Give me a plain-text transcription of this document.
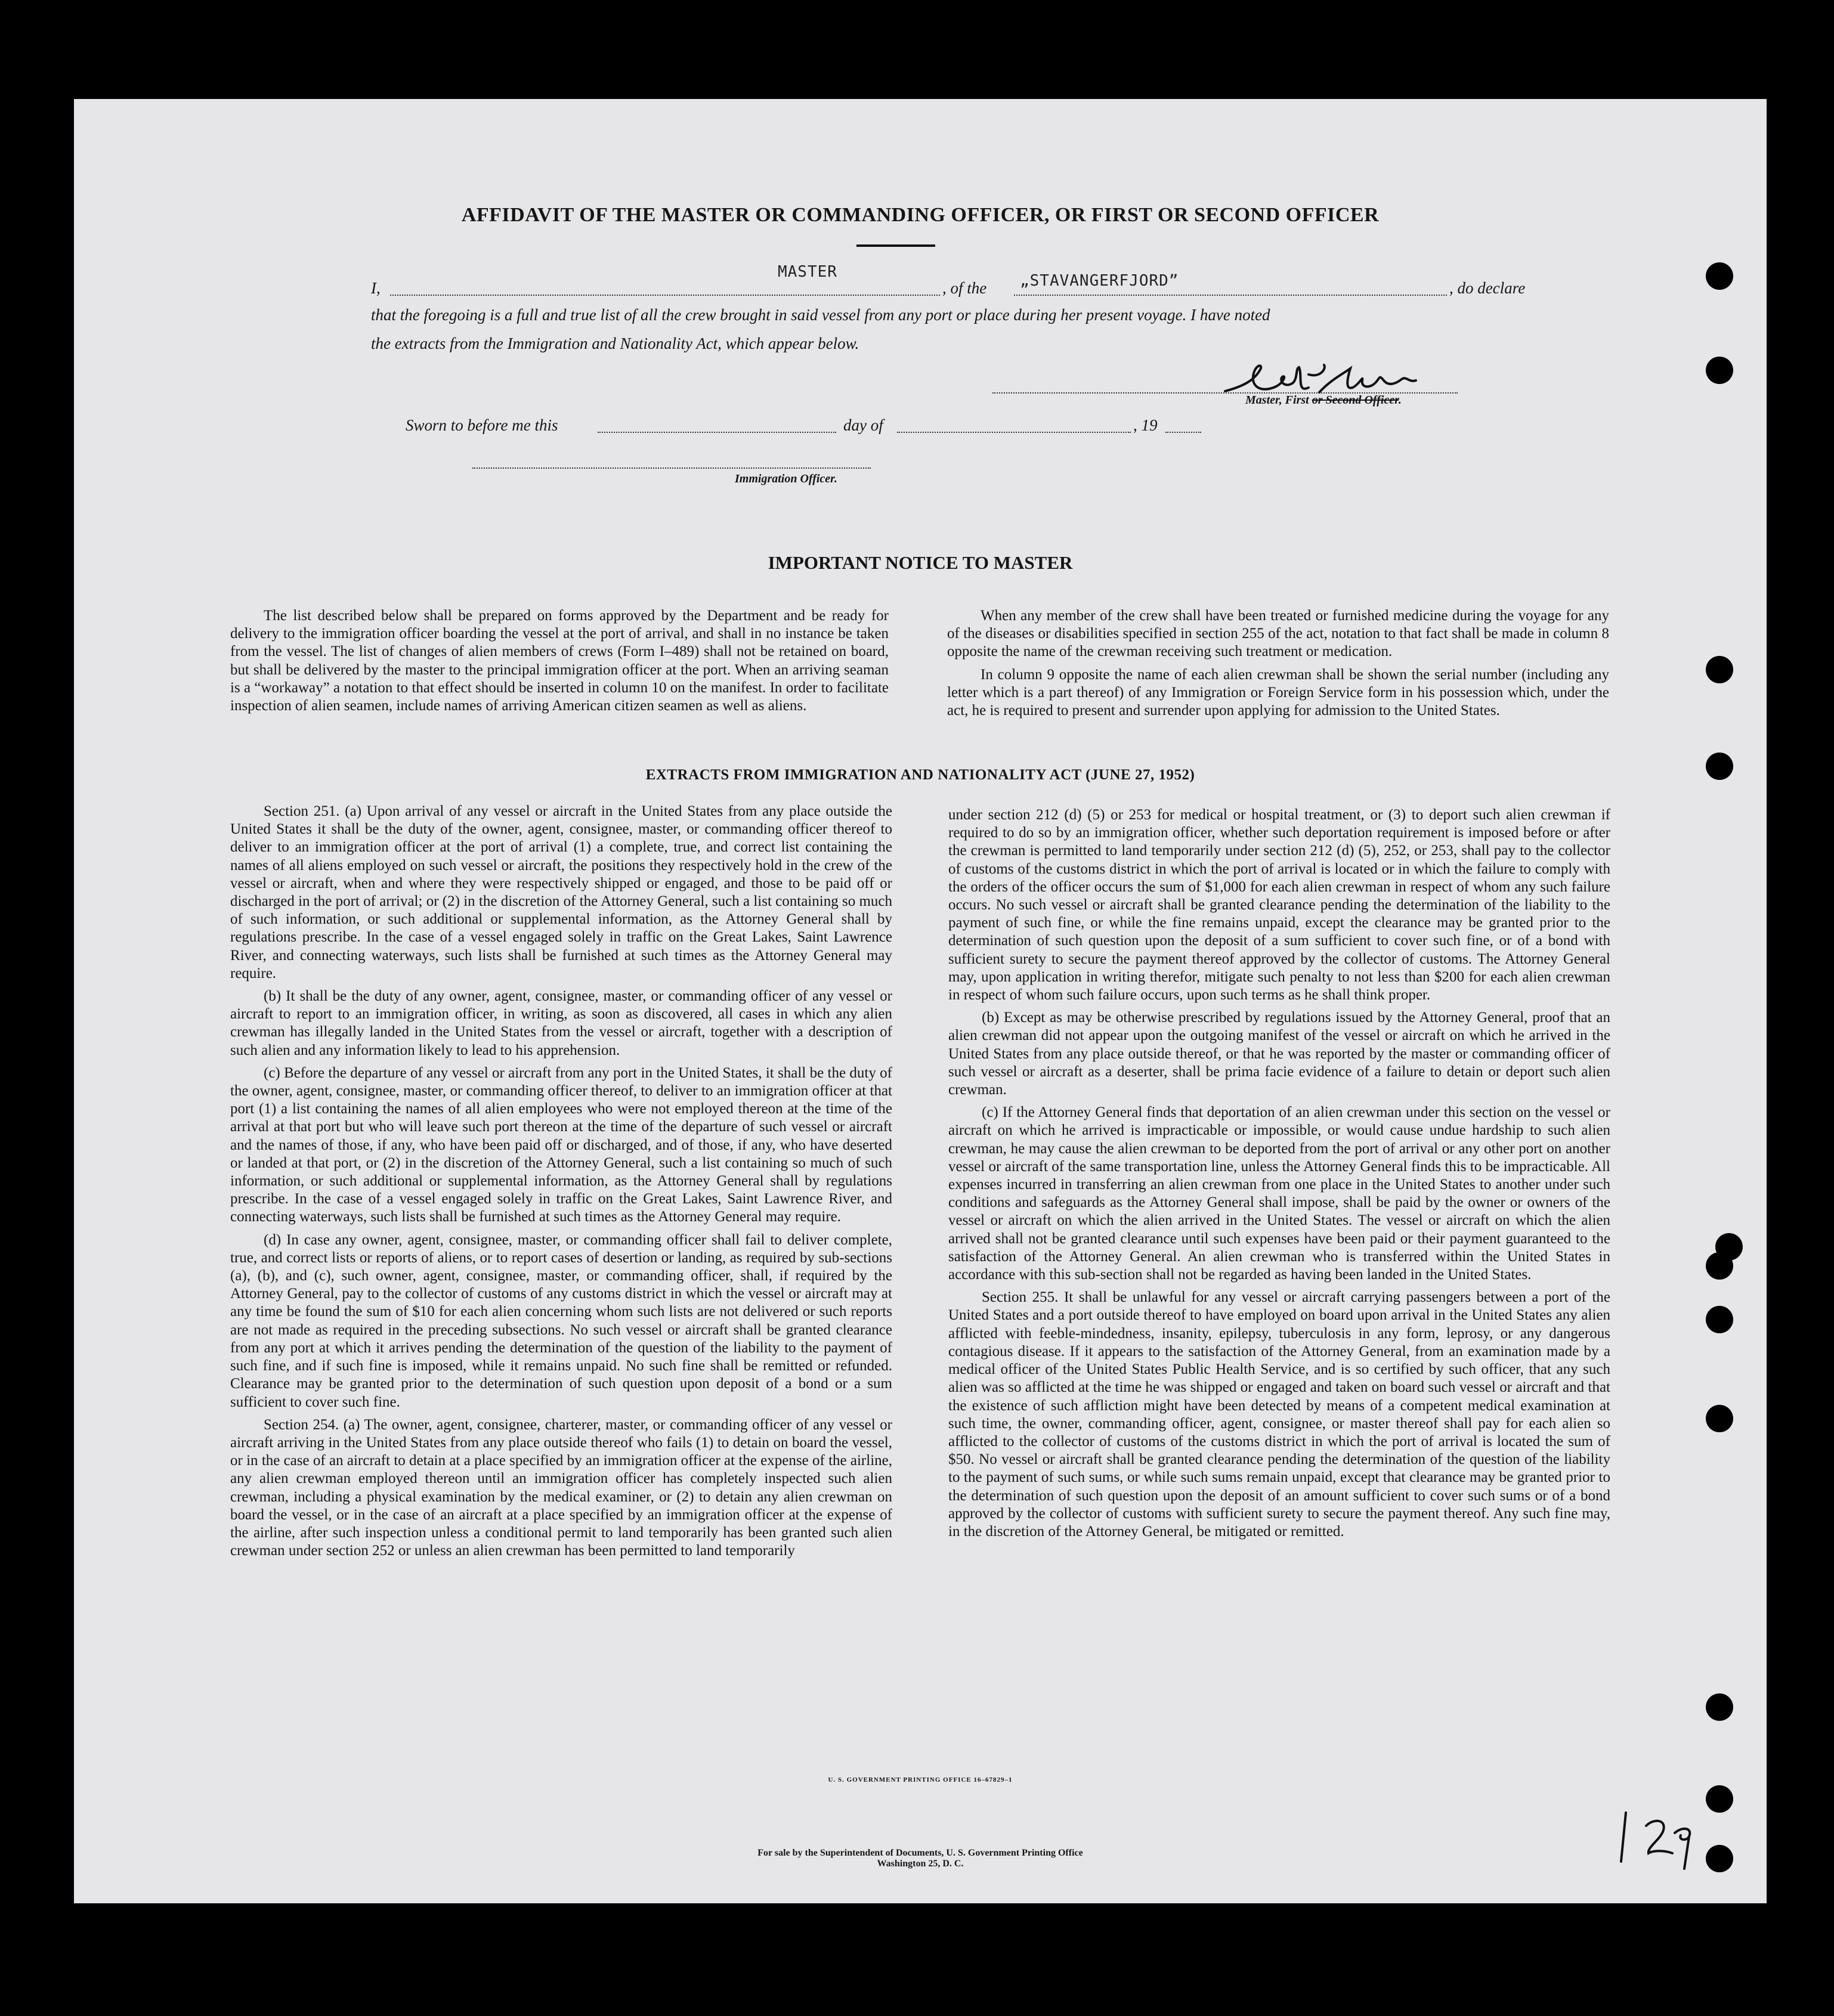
AFFIDAVIT OF THE MASTER OR COMMANDING OFFICER, OR FIRST OR SECOND OFFICER
I,
MASTER
, of the „STAVANGERFJORD”	, do declare
that the foregoing is a full and true list of all the crew brought in said vessel from any port or place during her present voyage. I have noted
the extracts from the Immigration and Nationality Act, which appear below.
Master, First or Second Officer.
Sworn to before me this	day of	, 19
Immigration Officer.
IMPORTANT NOTICE TO MASTER

The list described below shall be prepared on forms approved by the Department and be ready for delivery to the immigration officer boarding the vessel at the port of arrival, and shall in no instance be taken from the vessel. The list of changes of alien members of crews (Form I–489) shall not be retained on board, but shall be delivered by the master to the principal immigration officer at the port. When an arriving seaman is a “workaway” a notation to that effect should be inserted in column 10 on the manifest. In order to facilitate inspection of alien seamen, include names of arriving American citizen seamen as well as aliens.

When any member of the crew shall have been treated or furnished medicine during the voyage for any of the diseases or disabilities specified in section 255 of the act, notation to that fact shall be made in column 8 opposite the name of the crewman receiving such treatment or medication.

In column 9 opposite the name of each alien crewman shall be shown the serial number (including any letter which is a part thereof) of any Immigration or Foreign Service form in his possession which, under the act, he is required to present and surrender upon applying for admission to the United States.

EXTRACTS FROM IMMIGRATION AND NATIONALITY ACT (JUNE 27, 1952)

Section 251. (a) Upon arrival of any vessel or aircraft in the United States from any place outside the United States it shall be the duty of the owner, agent, consignee, master, or commanding officer thereof to deliver to an immigration officer at the port of arrival (1) a complete, true, and correct list containing the names of all aliens employed on such vessel or aircraft, the positions they respectively hold in the crew of the vessel or aircraft, when and where they were respectively shipped or engaged, and those to be paid off or discharged in the port of arrival; or (2) in the discretion of the Attorney General, such a list containing so much of such information, or such additional or supplemental information, as the Attorney General shall by regulations prescribe. In the case of a vessel engaged solely in traffic on the Great Lakes, Saint Lawrence River, and connecting waterways, such lists shall be furnished at such times as the Attorney General may require.

(b) It shall be the duty of any owner, agent, consignee, master, or commanding officer of any vessel or aircraft to report to an immigration officer, in writing, as soon as discovered, all cases in which any alien crewman has illegally landed in the United States from the vessel or aircraft, together with a description of such alien and any information likely to lead to his apprehension.

(c) Before the departure of any vessel or aircraft from any port in the United States, it shall be the duty of the owner, agent, consignee, master, or commanding officer thereof, to deliver to an immigration officer at that port (1) a list containing the names of all alien employees who were not employed thereon at the time of the arrival at that port but who will leave such port thereon at the time of the departure of such vessel or aircraft and the names of those, if any, who have been paid off or discharged, and of those, if any, who have deserted or landed at that port, or (2) in the discretion of the Attorney General, such a list containing so much of such information, or such additional or supplemental information, as the Attorney General shall by regulations prescribe. In the case of a vessel engaged solely in traffic on the Great Lakes, Saint Lawrence River, and connecting waterways, such lists shall be furnished at such times as the Attorney General may require.

(d) In case any owner, agent, consignee, master, or commanding officer shall fail to deliver complete, true, and correct lists or reports of aliens, or to report cases of desertion or landing, as required by sub-sections (a), (b), and (c), such owner, agent, consignee, master, or commanding officer, shall, if required by the Attorney General, pay to the collector of customs of any customs district in which the vessel or aircraft may at any time be found the sum of $10 for each alien concerning whom such lists are not delivered or such reports are not made as required in the preceding subsections. No such vessel or aircraft shall be granted clearance from any port at which it arrives pending the determination of the question of the liability to the payment of such fine, and if such fine is imposed, while it remains unpaid. No such fine shall be remitted or refunded. Clearance may be granted prior to the determination of such question upon deposit of a bond or a sum sufficient to cover such fine.

Section 254. (a) The owner, agent, consignee, charterer, master, or commanding officer of any vessel or aircraft arriving in the United States from any place outside thereof who fails (1) to detain on board the vessel, or in the case of an aircraft to detain at a place specified by an immigration officer at the expense of the airline, any alien crewman employed thereon until an immigration officer has completely inspected such alien crewman, including a physical examination by the medical examiner, or (2) to detain any alien crewman on board the vessel, or in the case of an aircraft at a place specified by an immigration officer at the expense of the airline, after such inspection unless a conditional permit to land temporarily has been granted such alien crewman under section 252 or unless an alien crewman has been permitted to land temporarily

under section 212 (d) (5) or 253 for medical or hospital treatment, or (3) to deport such alien crewman if required to do so by an immigration officer, whether such deportation requirement is imposed before or after the crewman is permitted to land temporarily under section 212 (d) (5), 252, or 253, shall pay to the collector of customs of the customs district in which the port of arrival is located or in which the failure to comply with the orders of the officer occurs the sum of $1,000 for each alien crewman in respect of whom any such failure occurs. No such vessel or aircraft shall be granted clearance pending the determination of the liability to the payment of such fine, or while the fine remains unpaid, except the clearance may be granted prior to the determination of such question upon the deposit of a sum sufficient to cover such fine, or of a bond with sufficient surety to secure the payment thereof approved by the collector of customs. The Attorney General may, upon application in writing therefor, mitigate such penalty to not less than $200 for each alien crewman in respect of whom such failure occurs, upon such terms as he shall think proper.

(b) Except as may be otherwise prescribed by regulations issued by the Attorney General, proof that an alien crewman did not appear upon the outgoing manifest of the vessel or aircraft on which he arrived in the United States from any place outside thereof, or that he was reported by the master or commanding officer of such vessel or aircraft as a deserter, shall be prima facie evidence of a failure to detain or deport such alien crewman.

(c) If the Attorney General finds that deportation of an alien crewman under this section on the vessel or aircraft on which he arrived is impracticable or impossible, or would cause undue hardship to such alien crewman, he may cause the alien crewman to be deported from the port of arrival or any other port on another vessel or aircraft of the same transportation line, unless the Attorney General finds this to be impracticable. All expenses incurred in transferring an alien crewman from one place in the United States to another under such conditions and safeguards as the Attorney General shall impose, shall be paid by the owner or owners of the vessel or aircraft on which the alien arrived in the United States. The vessel or aircraft on which the alien arrived shall not be granted clearance until such expenses have been paid or their payment guaranteed to the satisfaction of the Attorney General. An alien crewman who is transferred within the United States in accordance with this sub-section shall not be regarded as having been landed in the United States.

Section 255. It shall be unlawful for any vessel or aircraft carrying passengers between a port of the United States and a port outside thereof to have employed on board upon arrival in the United States any alien afflicted with feeble-mindedness, insanity, epilepsy, tuberculosis in any form, leprosy, or any dangerous contagious disease. If it appears to the satisfaction of the Attorney General, from an examination made by a medical officer of the United States Public Health Service, and is so certified by such officer, that any such alien was so afflicted at the time he was shipped or engaged and taken on board such vessel or aircraft and that the existence of such affliction might have been detected by means of a competent medical examination at such time, the owner, commanding officer, agent, consignee, or master thereof shall pay for each alien so afflicted to the collector of customs of the customs district in which the port of arrival is located the sum of $50. No vessel or aircraft shall be granted clearance pending the determination of the question of the liability to the payment of such sums, or while such sums remain unpaid, except that clearance may be granted prior to the determination of such question upon the deposit of an amount sufficient to cover such sums or of a bond approved by the collector of customs with sufficient surety to secure the payment thereof. Any such fine may, in the discretion of the Attorney General, be mitigated or remitted.

U. S. GOVERNMENT PRINTING OFFICE 16–67829–1
For sale by the Superintendent of Documents, U. S. Government Printing Office
Washington 25, D. C.
